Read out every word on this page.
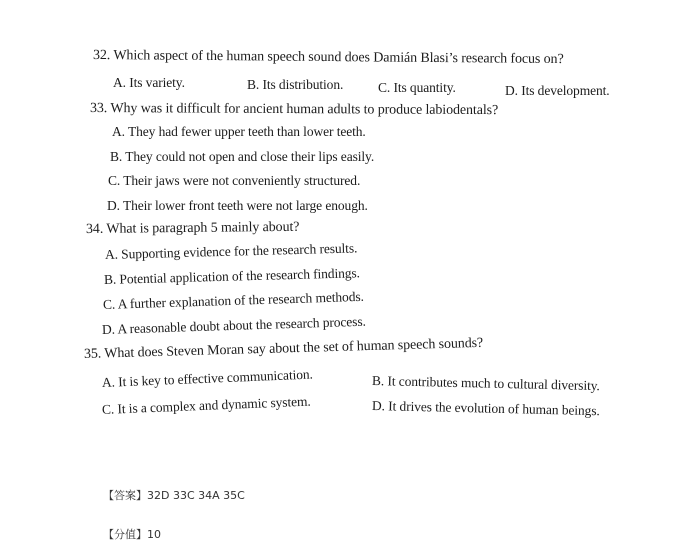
32. Which aspect of the human speech sound does Damián Blasi’s research focus on?
A. Its variety.	B. Its distribution.	C. Its quantity.	D. Its development.
33. Why was it difficult for ancient human adults to produce labiodentals?
A. They had fewer upper teeth than lower teeth.
B. They could not open and close their lips easily.
C. Their jaws were not conveniently structured.
D. Their lower front teeth were not large enough.
34. What is paragraph 5 mainly about?
A. Supporting evidence for the research results.
B. Potential application of the research findings.
C. A further explanation of the research methods.
D. A reasonable doubt about the research process.
35. What does Steven Moran say about the set of human speech sounds?
A. It is key to effective communication.	B. It contributes much to cultural diversity.
C. It is a complex and dynamic system.	D. It drives the evolution of human beings.
【答案】32D 33C 34A 35C
【分值】10
